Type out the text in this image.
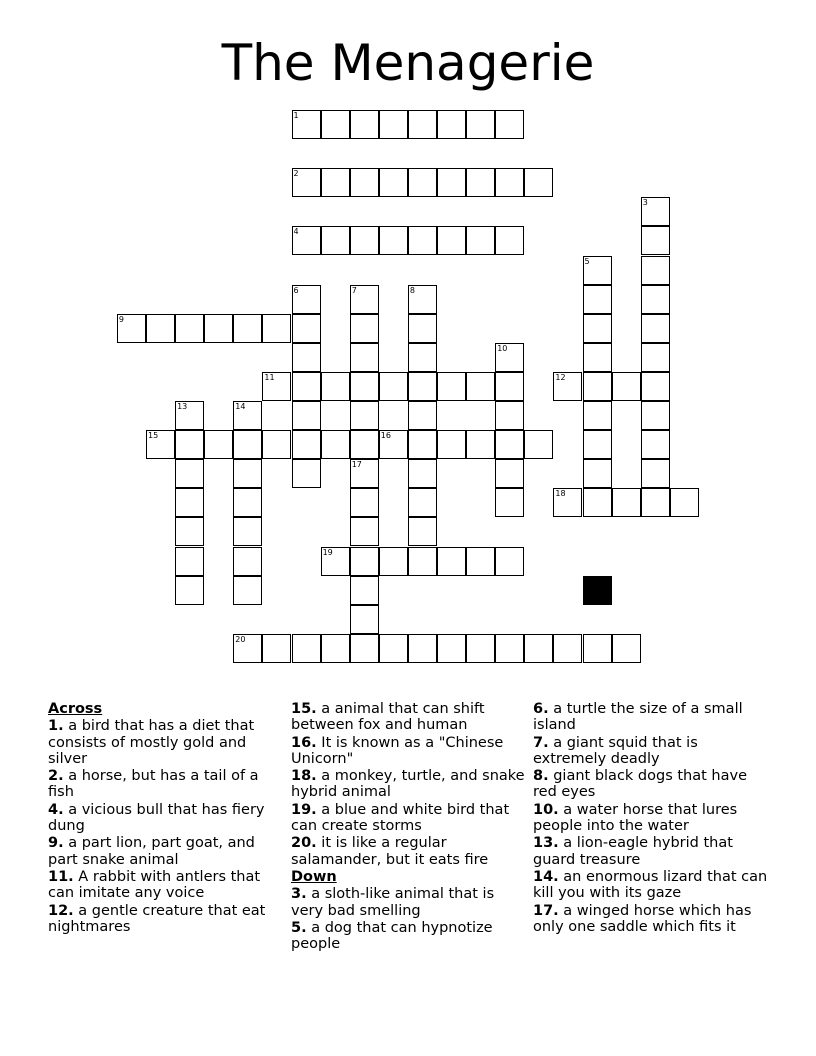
The Menagerie
1
2
3
4
5
6	7	8
9
10
11	12
13	14
15	16
17
18
19
20
Across
1. a bird that has a diet that consists of mostly gold and silver
2. a horse, but has a tail of a fish
4. a vicious bull that has fiery dung
9. a part lion, part goat, and part snake animal
11. A rabbit with antlers that can imitate any voice
12. a gentle creature that eat nightmares
15. a animal that can shift between fox and human
16. It is known as a "Chinese Unicorn"
18. a monkey, turtle, and snake hybrid animal
19. a blue and white bird that can create storms
20. it is like a regular salamander, but it eats fire
Down
3. a sloth-like animal that is very bad smelling
5. a dog that can hypnotize people
6. a turtle the size of a small island
7. a giant squid that is extremely deadly
8. giant black dogs that have red eyes
10. a water horse that lures people into the water
13. a lion-eagle hybrid that guard treasure
14. an enormous lizard that can kill you with its gaze
17. a winged horse which has only one saddle which fits it
